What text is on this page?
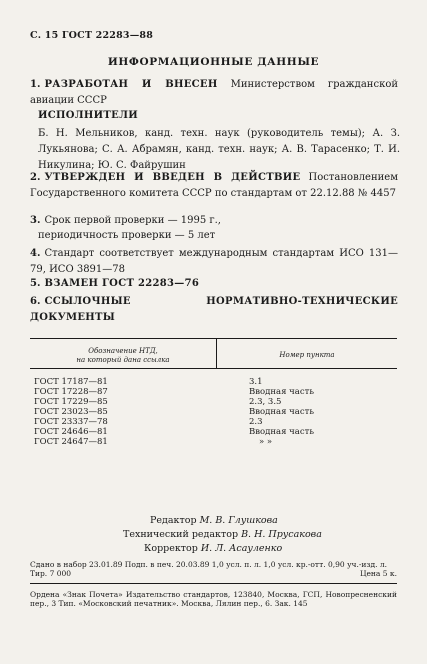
С. 15 ГОСТ 22283—88
ИНФОРМАЦИОННЫЕ ДАННЫЕ
1. РАЗРАБОТАН И ВНЕСЕН Министерством гражданской авиации СССР
ИСПОЛНИТЕЛИ
Б. Н. Мельников, канд. техн. наук (руководитель темы); А. З. Лукьянова; С. А. Абрамян, канд. техн. наук; А. В. Тарасенко; Т. И. Никулина; Ю. С. Файрушин
2. УТВЕРЖДЕН И ВВЕДЕН В ДЕЙСТВИЕ Постановлением Государственного комитета СССР по стандартам от 22.12.88 № 4457
3. Срок первой проверки — 1995 г.,
периодичность проверки — 5 лет
4. Стандарт соответствует международным стандартам ИСО 131—79, ИСО 3891—78
5. ВЗАМЕН ГОСТ 22283—76
6. ССЫЛОЧНЫЕ НОРМАТИВНО-ТЕХНИЧЕСКИЕ ДОКУМЕНТЫ
Обозначение НТД,
на который дана ссылка
Номер пункта
ГОСТ 17187—81	3.1
ГОСТ 17228—87	Вводная часть
ГОСТ 17229—85	2.3, 3.5
ГОСТ 23023—85	Вводная часть
ГОСТ 23337—78	2.3
ГОСТ 24646—81	Вводная часть
ГОСТ 24647—81	» »
Редактор М. В. Глушкова
Технический редактор В. Н. Прусакова
Корректор И. Л. Асауленко
Сдано в набор 23.01.89 Подп. в печ. 20.03.89 1,0 усл. п. л. 1,0 усл. кр.-отт. 0,90 уч.-изд. л.
Тир. 7 000	Цена 5 к.
Ордена «Знак Почета» Издательство стандартов, 123840, Москва, ГСП, Новопресненский пер., 3 Тип. «Московский печатник». Москва, Лялин пер., 6. Зак. 145
